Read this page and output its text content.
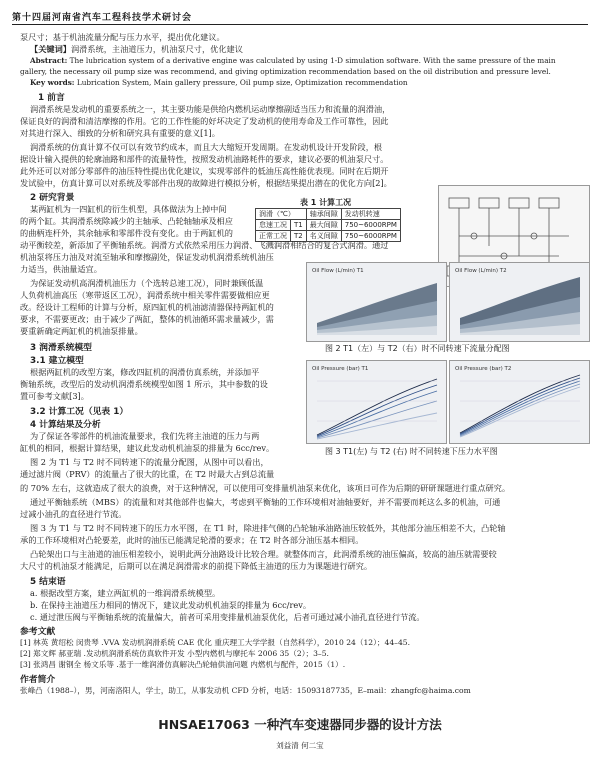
第十四届河南省汽车工程科技学术研讨会
泵尺寸；基于机油流量分配与压力水平，提出优化建议。
【关键词】润滑系统，主油道压力，机油泵尺寸，优化建议
Abstract: The lubrication system of a derivative engine was calculated by using 1-D simulation software. With the same pressure of the main
gallery, the necessary oil pump size was recommend, and giving optimization recommendation based on the oil distribution and pressure level.
Key words: Lubrication System, Main gallery pressure, Oil pump size, Optimization recommendation
1 前言
润滑系统是发动机的重要系统之一，其主要功能是供给内燃机运动摩擦副适当压力和流量的润滑油，
保证良好的润滑和清洁摩擦的作用。它的工作性能的好坏决定了发动机的使用寿命及工作可靠性，因此
对其进行深入、细致的分析和研究具有重要的意义[1]。
润滑系统的仿真计算不仅可以有效节约成本，而且大大缩短开发周期。在发动机设计开发阶段，根
据设计输入提供的轮廓油路和部件的流量特性，按照发动机油路耗件的要求，建议必要的机油泵尺寸。
此外还可以对部分零部件的油压特性提出优化建议，实现零部件的低油压高性能优表现。同时在后期开
发试验中，仿真计算可以对系统及零部件出现的故障进行模拟分析，根据结果提出潜在的优化方向[2]。
2 研究背景
某两缸机为一四缸机的衍生机型，具体做法为上掉中间
的两个缸。其润滑系统除减少的主轴承、凸轮轴轴承及相应
的曲柄连杆外，其余轴承和零部件没有变化。由于两缸机的
表 1 计算工况
润滑（℃）		轴承间隙	发动机转速
怠速工况	T1	最大间隙	750~6000RPM
正常工况	T2	名义间隙	750~6000RPM
动平衡较差，新添加了平衡轴系统。润滑方式依然采用压力润滑、飞溅润滑相结合的复合式润滑。通过
机油泵将压力油及对流至轴承和摩擦副处，保证发动机润滑系统机油压
力适当，供油量适宜。
为保证发动机高润滑机油压力（个选转总速工况），同时兼顾低温
人负荷机油高压（寒带返区工况），润滑系统中相关零件需要做相应更
改。经设计工程师的计算与分析，原四缸机的机油滤清器保持两缸机的
要求，不需要更改；由于减少了两缸，整体的机油循环需求量减少，需
要重新确定两缸机的机油泵排量。
Oil Flow (L/min) T1	Oil Flow (L/min) T2
图 2 T1（左）与 T2（右）时不同转速下流量分配图
3 润滑系统模型
3.1 建立模型
根据两缸机的改型方案，修改四缸机的润滑仿真系统，并添加平
衡轴系统，改型后的发动机润滑系统模型如图 1 所示，其中参数的设
置可参考文献[3]。
3.2 计算工况（见表 1）
4 计算结果及分析
为了保证各零部件的机油流量要求，我们先将主油道的压力与两
缸机的相同，根据计算结果，建议此发动机机油泵的排量为 6cc/rev。
图 2 为 T1 与 T2 时不同转速下的流量分配图，从图中可以看出，
通过滤片阀（PRV）的流量占了很大的比重，在 T2 时最大占到总流量
Oil Pressure (bar) T1	Oil Pressure (bar) T2
图 3 T1(左) 与 T2 (右) 时不同转速下压力水平图
的 70% 左右，这就造成了很大的浪费，对于这种情况，可以使用可变排量机油泵来优化，该项日可作为后期的研研课题进行重点研究。
通过平衡轴系统（MBS）的流量和对其他部件也偏大，考虑到平衡轴的工作环境相对油轴要好，并不需要而耗这么多的机油，可通
过减小油孔的直径进行节流。
图 3 为 T1 与 T2 时不同转速下的压力水平图，在 T1 时，除进排气侧的凸轮轴承油路油压较低外，其他部分油压相差不大，凸轮轴
承的工作环境相对凸轮要差，此时的油压已能满足轮滑的要求；在 T2 时各部分油压基本相同。
凸轮架出口与主油道的油压相差较小，说明此两分油路设计比较合理。就整体而言，此润滑系统的油压偏高，较高的油压就需要较
大尺寸的机油泵才能满足，后期可以在满足润滑需求的前提下降低主油道的压力为课题进行研究。
5 结束语
a. 根据改型方案，建立两缸机的一维润滑系统模型。
b. 在保持主油道压力相同的情况下，建议此发动机机油泵的排量为 6cc/rev。
c. 通过泄压阀与平衡轴系统的流量偏大，前者可采用变排量机油泵优化，后者可通过减小油孔直径进行节流。
参考文献
[1] 林英 黄绍松 闵贵琴 .VVA 发动机润滑系统 CAE 优化 重庆理工大学学报（自然科学），2010 24（12）；44–45.
[2] 郑文辉 郝亚瑞 .发动机润滑系统仿真软件开发 小型内燃机与摩托车 2006 35（2）；3–5.
[3] 张鸿昌 谢钢全 杨文乐等 .基于一维润滑仿真解决凸轮轴供油问题 内燃机与配件，2015（1）.
作者简介
张峰凸（1988–），男，河南洛阳人，学士，助工，从事发动机 CFD 分析，电话：15093187735，E–mail：zhangfc@haima.com
HNSAE17063 一种汽车变速器同步器的设计方法
刘益清 何二宝
